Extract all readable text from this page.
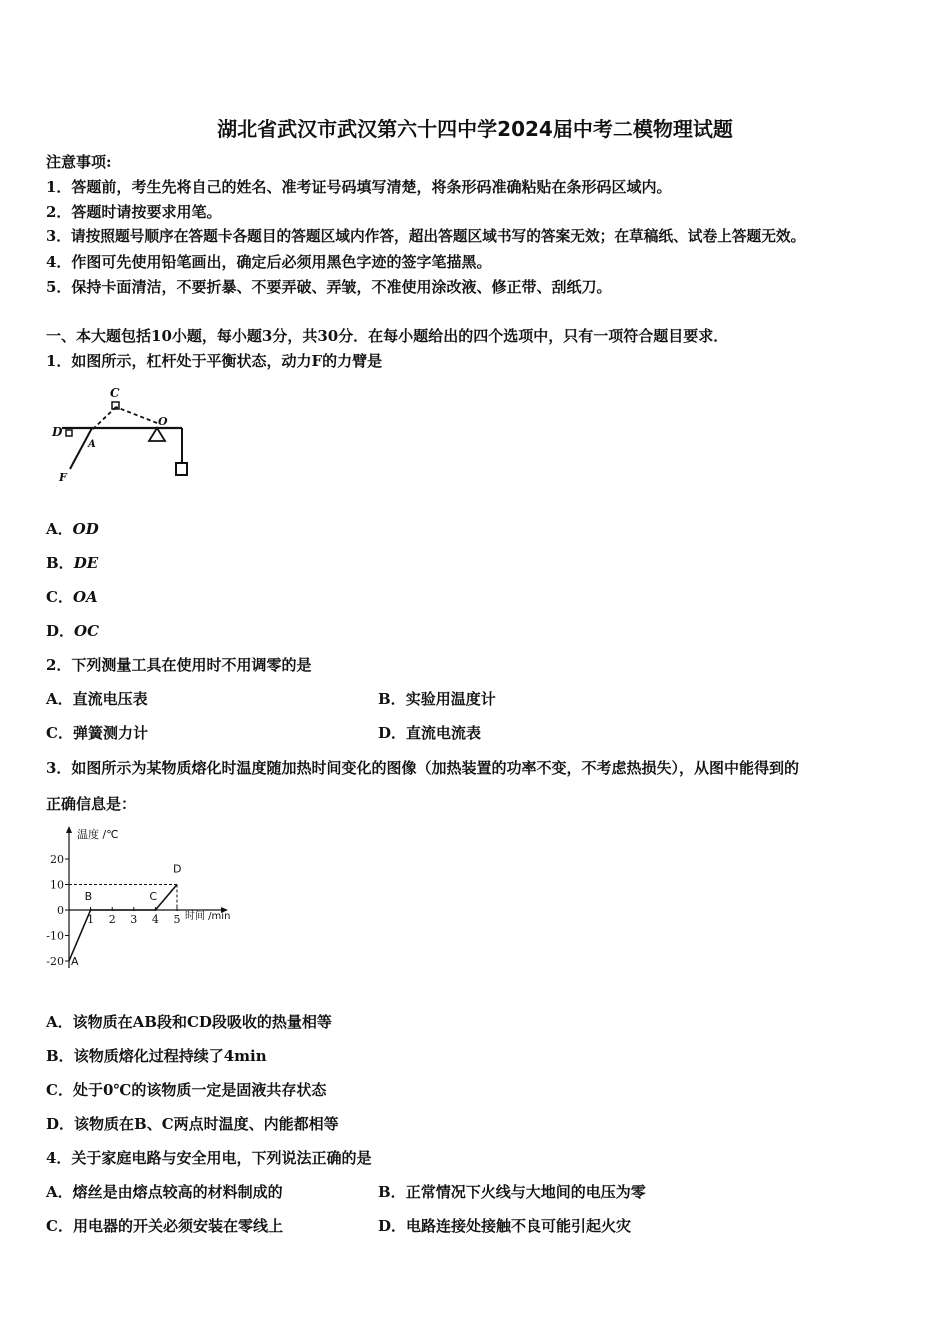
湖北省武汉市武汉第六十四中学2024届中考二模物理试题
注意事项:
1．答题前，考生先将自己的姓名、准考证号码填写清楚，将条形码准确粘贴在条形码区域内。
2．答题时请按要求用笔。
3．请按照题号顺序在答题卡各题目的答题区域内作答，超出答题区域书写的答案无效；在草稿纸、试卷上答题无效。
4．作图可先使用铅笔画出，确定后必须用黑色字迹的签字笔描黑。
5．保持卡面清洁，不要折暴、不要弄破、弄皱，不准使用涂改液、修正带、刮纸刀。
一、本大题包括10小题，每小题3分，共30分．在每小题给出的四个选项中，只有一项符合题目要求．
1．如图所示，杠杆处于平衡状态，动力F的力臂是
C
D
A
O
F
A．OD
B．DE
C．OA
D．OC
2．下列测量工具在使用时不用调零的是
A．直流电压表	B．实验用温度计
C．弹簧测力计	D．直流电流表
3．如图所示为某物质熔化时温度随加热时间变化的图像（加热装置的功率不变，不考虑热损失），从图中能得到的
正确信息是：
温度 /℃
时间 /min
20
10
0
-10
-20
1 2 3 4 5
A
B	C
D
A．该物质在AB段和CD段吸收的热量相等
B．该物质熔化过程持续了4min
C．处于0℃的该物质一定是固液共存状态
D．该物质在B、C两点时温度、内能都相等
4．关于家庭电路与安全用电，下列说法正确的是
A．熔丝是由熔点较高的材料制成的	B．正常情况下火线与大地间的电压为零
C．用电器的开关必须安装在零线上	D．电路连接处接触不良可能引起火灾
